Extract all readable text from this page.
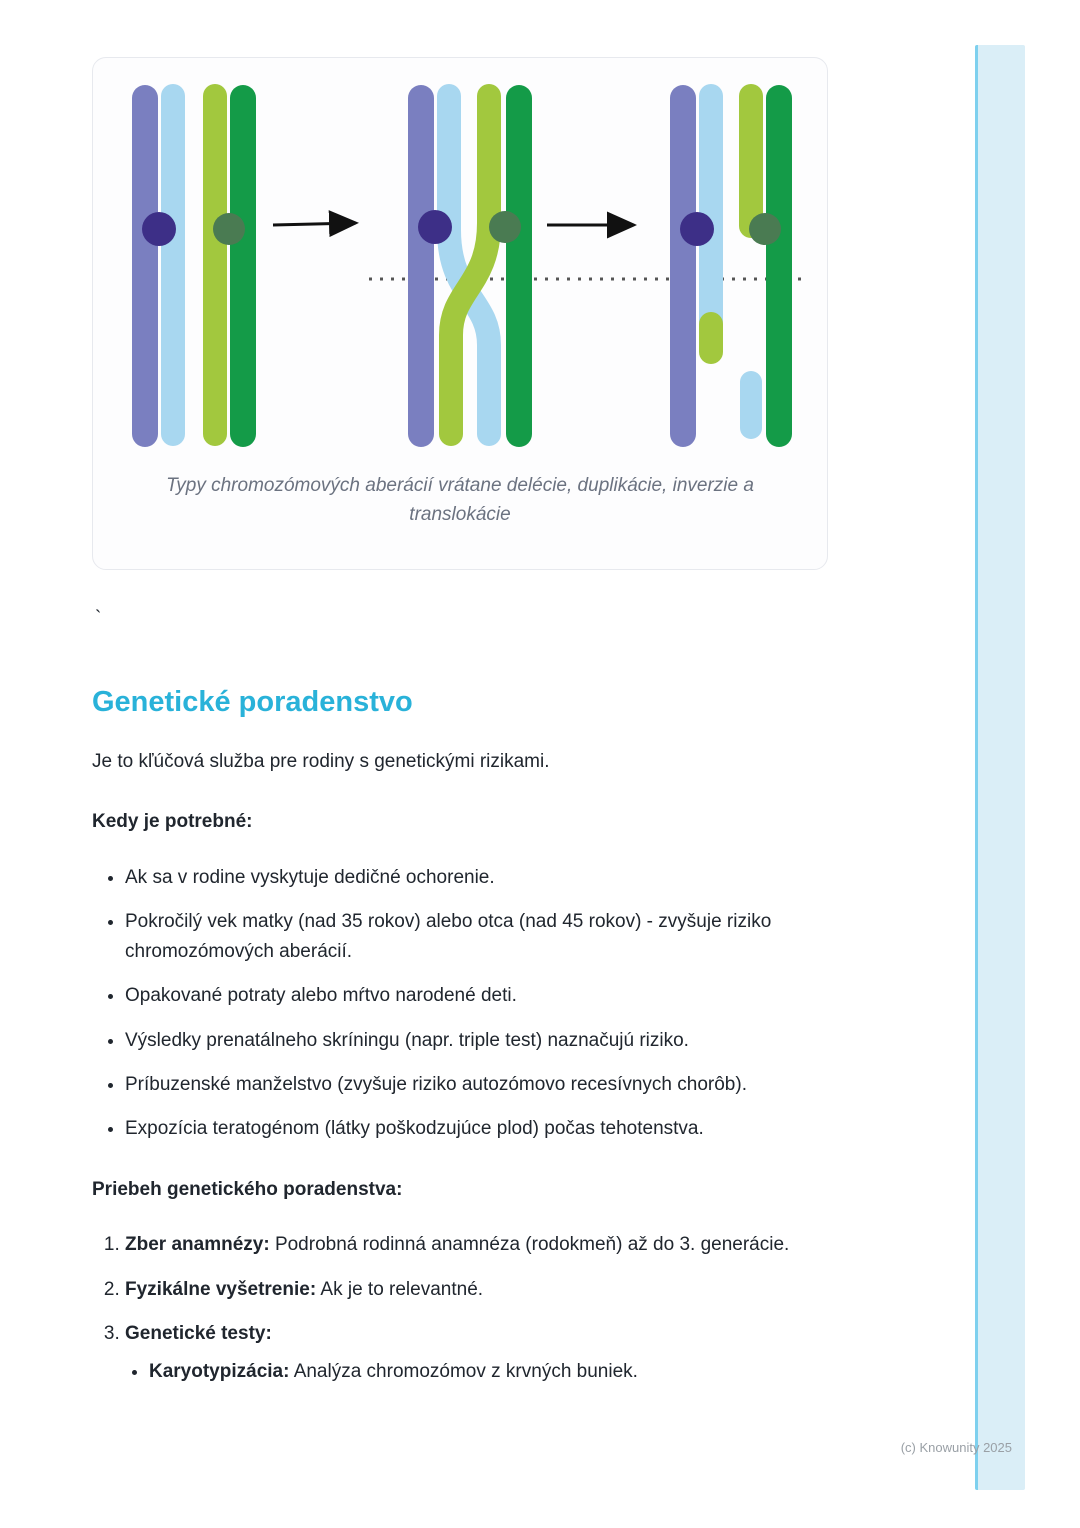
Typy chromozómových aberácií vrátane delécie, duplikácie, inverzie a translokácie
`
Genetické poradenstvo

Je to kľúčová služba pre rodiny s genetickými rizikami.

Kedy je potrebné:

• Ak sa v rodine vyskytuje dedičné ochorenie.
• Pokročilý vek matky (nad 35 rokov) alebo otca (nad 45 rokov) - zvyšuje riziko chromozómových aberácií.
• Opakované potraty alebo mŕtvo narodené deti.
• Výsledky prenatálneho skríningu (napr. triple test) naznačujú riziko.
• Príbuzenské manželstvo (zvyšuje riziko autozómovo recesívnych chorôb).
• Expozícia teratogénom (látky poškodzujúce plod) počas tehotenstva.

Priebeh genetického poradenstva:

1. Zber anamnézy: Podrobná rodinná anamnéza (rodokmeň) až do 3. generácie.
2. Fyzikálne vyšetrenie: Ak je to relevantné.
3. Genetické testy:
• Karyotypizácia: Analýza chromozómov z krvných buniek.
(c) Knowunity 2025
